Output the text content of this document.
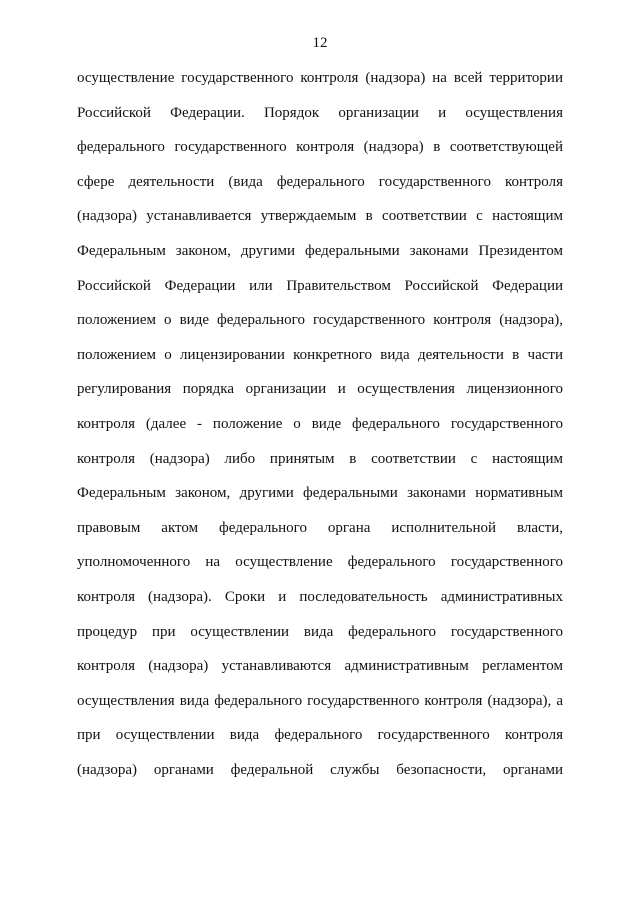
12
осуществление государственного контроля (надзора) на всей территории
Российской Федерации. Порядок организации и осуществления
федерального государственного контроля (надзора) в соответствующей
сфере деятельности (вида федерального государственного контроля
(надзора) устанавливается утверждаемым в соответствии с настоящим
Федеральным законом, другими федеральными законами Президентом
Российской Федерации или Правительством Российской Федерации
положением о виде федерального государственного контроля (надзора),
положением о лицензировании конкретного вида деятельности в части
регулирования порядка организации и осуществления лицензионного
контроля (далее - положение о виде федерального государственного
контроля (надзора) либо принятым в соответствии с настоящим
Федеральным законом, другими федеральными законами нормативным
правовым актом федерального органа исполнительной власти,
уполномоченного на осуществление федерального государственного
контроля (надзора). Сроки и последовательность административных
процедур при осуществлении вида федерального государственного
контроля (надзора) устанавливаются административным регламентом
осуществления вида федерального государственного контроля (надзора), а
при осуществлении вида федерального государственного контроля
(надзора) органами федеральной службы безопасности, органами
